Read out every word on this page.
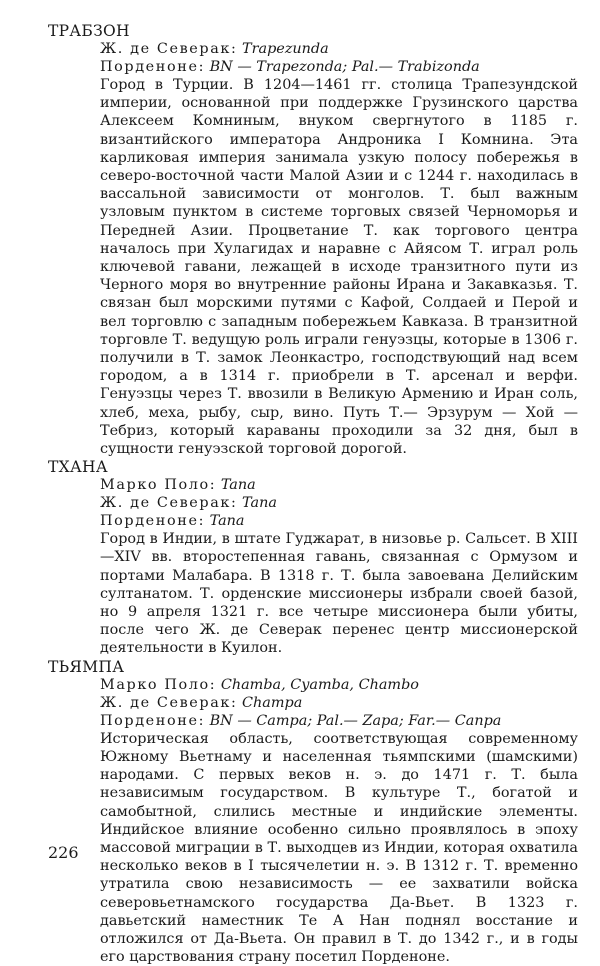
ТРАБЗОН
Ж. де Северак: Trapezunda
Порденоне: BN — Trapezonda; Pal.— Trabizonda

Город в Турции. В 1204—1461 гг. столица Трапезундской империи, основанной при поддержке Грузинского царства Алексеем Комниным, внуком свергнутого в 1185 г. византийского императора Андроника I Комнина. Эта карликовая империя занимала узкую полосу побережья в северо-восточной части Малой Азии и с 1244 г. находилась в вассальной зависимости от монголов. Т. был важным узловым пунктом в системе торговых связей Черноморья и Передней Азии. Процветание Т. как торгового центра началось при Хулагидах и наравне с Айясом Т. играл роль ключевой гавани, лежащей в исходе транзитного пути из Черного моря во внутренние районы Ирана и Закавказья. Т. связан был морскими путями с Кафой, Солдаей и Перой и вел торговлю с западным побережьем Кавказа. В транзитной торговле Т. ведущую роль играли генуэзцы, которые в 1306 г. получили в Т. замок Леонкастро, господствующий над всем городом, а в 1314 г. приобрели в Т. арсенал и верфи. Генуэзцы через Т. ввозили в Великую Армению и Иран соль, хлеб, меха, рыбу, сыр, вино. Путь Т.— Эрзурум — Хой — Тебриз, который караваны проходили за 32 дня, был в сущности генуэзской торговой дорогой.

ТХАНА
Марко Поло: Tana
Ж. де Северак: Tana
Порденоне: Tana

Город в Индии, в штате Гуджарат, в низовье р. Сальсет. В XIII—XIV вв. второстепенная гавань, связанная с Ормузом и портами Малабара. В 1318 г. Т. была завоевана Делийским султанатом. Т. орденские миссионеры избрали своей базой, но 9 апреля 1321 г. все четыре миссионера были убиты, после чего Ж. де Северак перенес центр миссионерской деятельности в Куилон.

ТЬЯМПА
Марко Поло: Chamba, Cyamba, Chambo
Ж. де Северак: Champa
Порденоне: BN — Campa; Pal.— Zapa; Far.— Canpa

Историческая область, соответствующая современному Южному Вьетнаму и населенная тьямпскими (шамскими) народами. С первых веков н. э. до 1471 г. Т. была независимым государством. В культуре Т., богатой и самобытной, слились местные и индийские элементы. Индийское влияние особенно сильно проявлялось в эпоху массовой миграции в Т. выходцев из Индии, которая охватила несколько веков в I тысячелетии н. э. В 1312 г. Т. временно утратила свою независимость — ее захватили войска северовьетнамского государства Да-Вьет. В 1323 г. давьетский наместник Те А Нан поднял восстание и отложился от Да-Вьета. Он правил в Т. до 1342 г., и в годы его царствования страну посетил Порденоне.

226
